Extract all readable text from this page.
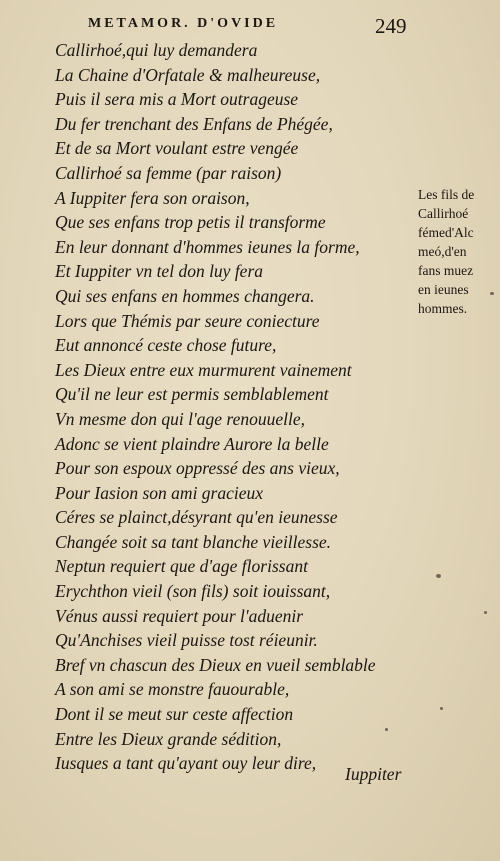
METAMOR. D'OVIDE	249
Callirhoé,qui luy demandera
La Chaine d'Orfatale & malheureuse,
Puis il sera mis a Mort outrageuse
Du fer trenchant des Enfans de Phégée,
Et de sa Mort voulant estre vengée
Callirhoé sa femme (par raison)
A Iuppiter fera son oraison,
Que ses enfans trop petis il transforme
En leur donnant d'hommes ieunes la forme,
Et Iuppiter vn tel don luy fera
Qui ses enfans en hommes changera.
Lors que Thémis par seure coniecture
Eut annoncé ceste chose future,
Les Dieux entre eux murmurent vainement
Qu'il ne leur est permis semblablement
Vn mesme don qui l'age renouuelle,
Adonc se vient plaindre Aurore la belle
Pour son espoux oppressé des ans vieux,
Pour Iasion son ami gracieux
Céres se plainct,désyrant qu'en ieunesse
Changée soit sa tant blanche vieillesse.
Neptun requiert que d'age florissant
Erychthon vieil (son fils) soit iouissant,
Vénus aussi requiert pour l'aduenir
Qu'Anchises vieil puisse tost réieunir.
Bref vn chascun des Dieux en vueil semblable
A son ami se monstre fauourable,
Dont il se meut sur ceste affection
Entre les Dieux grande sédition,
Iusques a tant qu'ayant ouy leur dire,
Les fils de
Callirhoé
fémed'Alc
meó,d'en
fans muez
en ieunes
hommes.
Iuppiter
